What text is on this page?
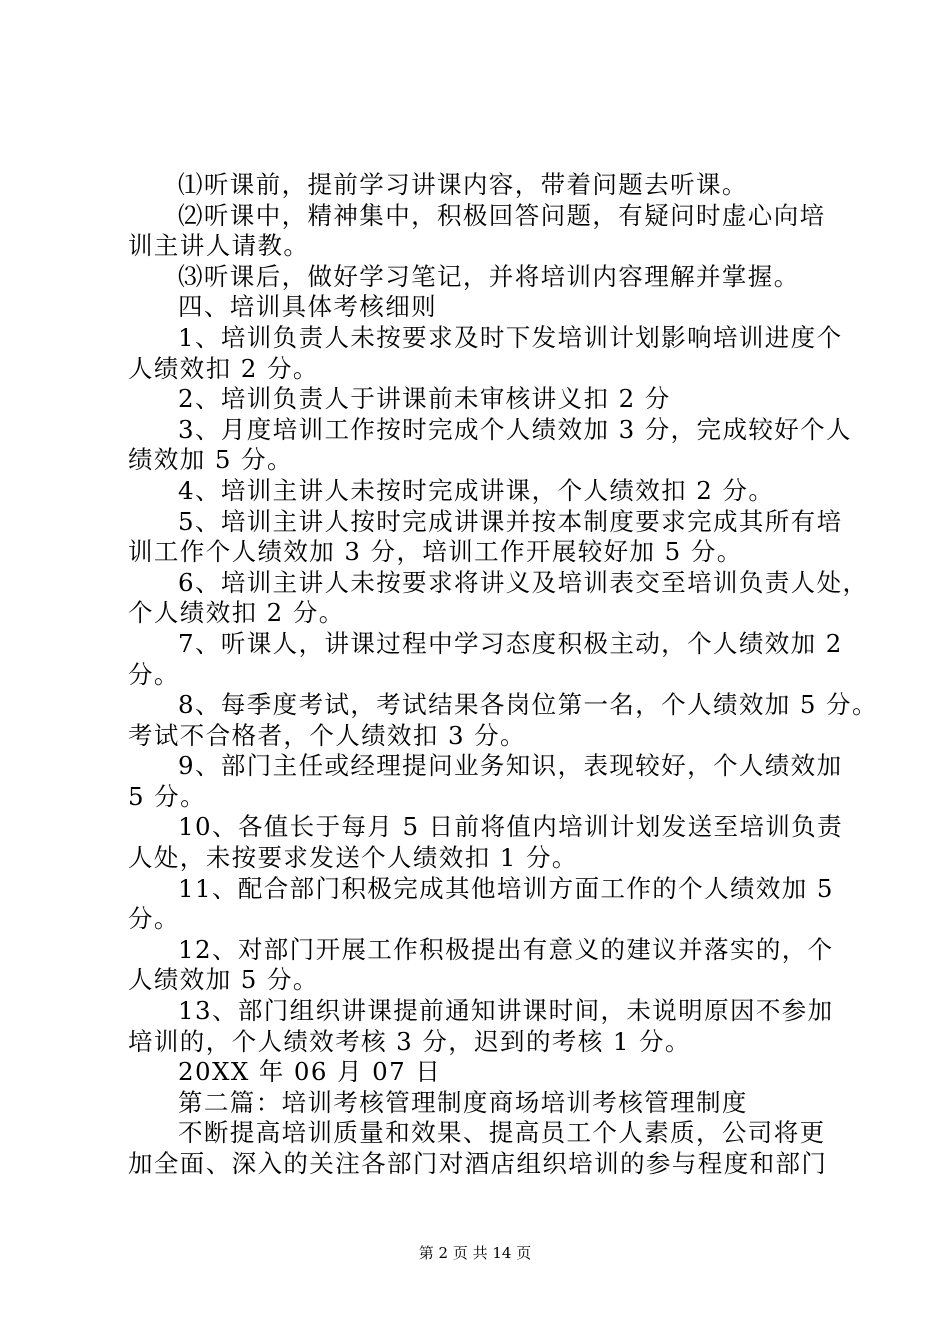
⑴听课前，提前学习讲课内容，带着问题去听课。
⑵听课中，精神集中，积极回答问题，有疑问时虚心向培
训主讲人请教。
⑶听课后，做好学习笔记，并将培训内容理解并掌握。
四、培训具体考核细则
1、培训负责人未按要求及时下发培训计划影响培训进度个
人绩效扣 2 分。
2、培训负责人于讲课前未审核讲义扣 2 分
3、月度培训工作按时完成个人绩效加 3 分，完成较好个人
绩效加 5 分。
4、培训主讲人未按时完成讲课，个人绩效扣 2 分。
5、培训主讲人按时完成讲课并按本制度要求完成其所有培
训工作个人绩效加 3 分，培训工作开展较好加 5 分。
6、培训主讲人未按要求将讲义及培训表交至培训负责人处，
个人绩效扣 2 分。
7、听课人，讲课过程中学习态度积极主动，个人绩效加 2
分。
8、每季度考试，考试结果各岗位第一名，个人绩效加 5 分。
考试不合格者，个人绩效扣 3 分。
9、部门主任或经理提问业务知识，表现较好，个人绩效加
5 分。
10、各值长于每月 5 日前将值内培训计划发送至培训负责
人处，未按要求发送个人绩效扣 1 分。
11、配合部门积极完成其他培训方面工作的个人绩效加 5
分。
12、对部门开展工作积极提出有意义的建议并落实的，个
人绩效加 5 分。
13、部门组织讲课提前通知讲课时间，未说明原因不参加
培训的，个人绩效考核 3 分，迟到的考核 1 分。
20XX 年 06 月 07 日
第二篇：培训考核管理制度商场培训考核管理制度
不断提高培训质量和效果、提高员工个人素质，公司将更
加全面、深入的关注各部门对酒店组织培训的参与程度和部门
第 2 页 共 14 页
